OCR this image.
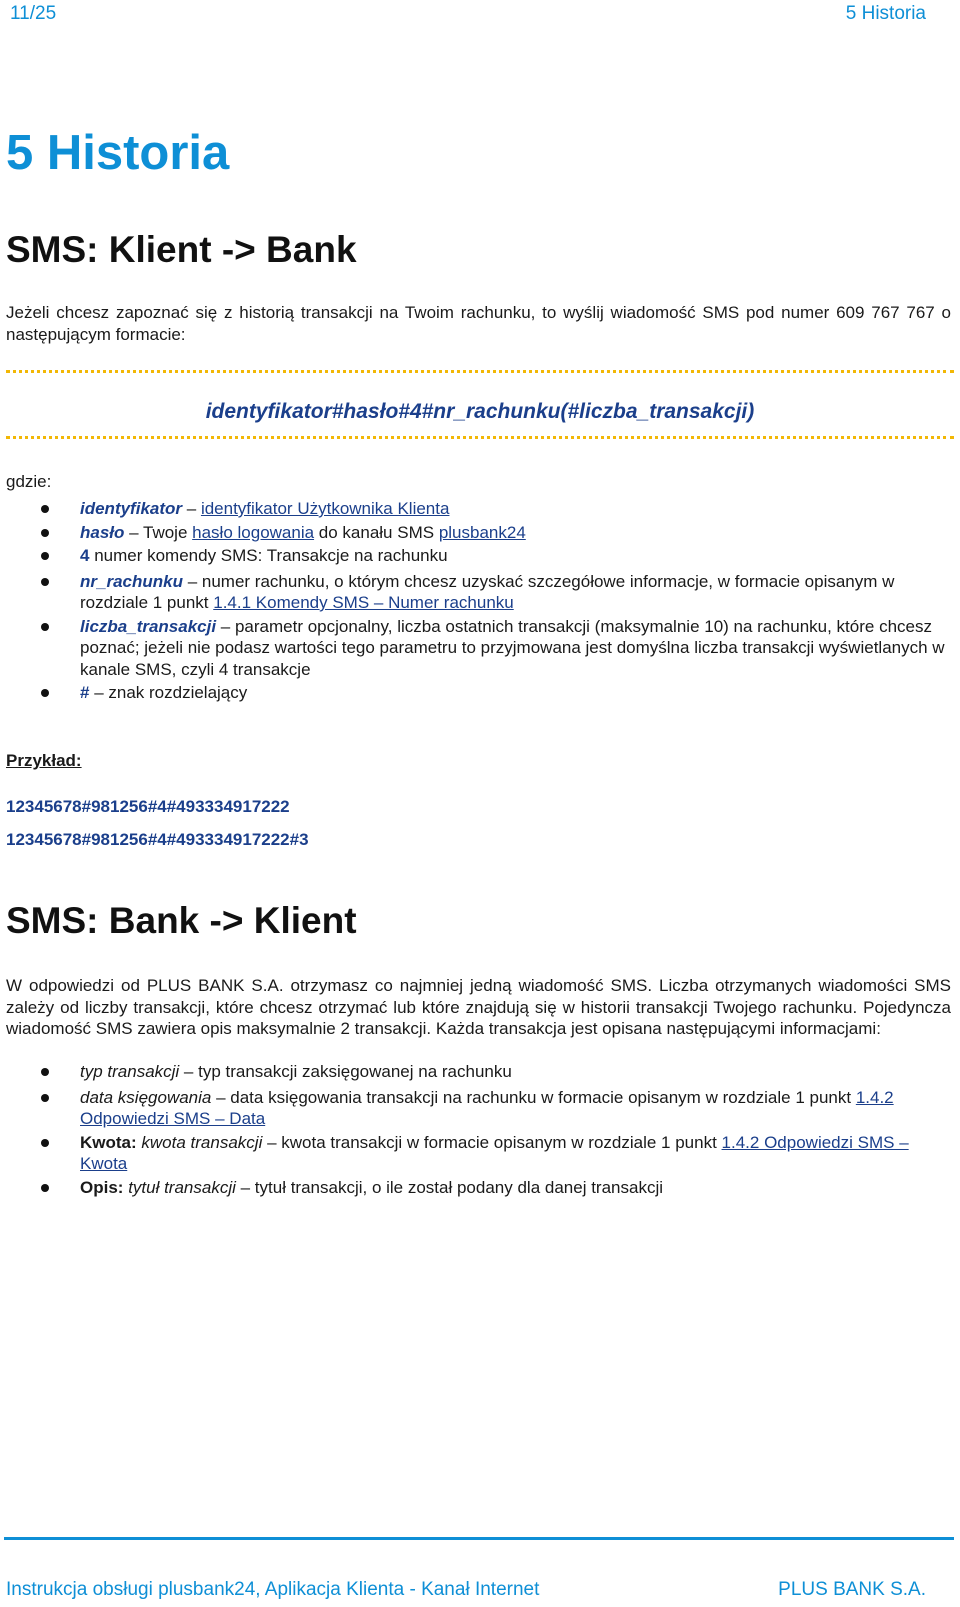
11/25	5 Historia
5 Historia
SMS: Klient -> Bank

Jeżeli chcesz zapoznać się z historią transakcji na Twoim rachunku, to wyślij wiadomość SMS pod numer 609 767 767 o następującym formacie:

identyfikator#hasło#4#nr_rachunku(#liczba_transakcji)
gdzie:
identyfikator – identyfikator Użytkownika Klienta
hasło – Twoje hasło logowania do kanału SMS plusbank24
4 numer komendy SMS: Transakcje na rachunku
nr_rachunku – numer rachunku, o którym chcesz uzyskać szczegółowe informacje, w formacie opisanym w rozdziale 1 punkt 1.4.1 Komendy SMS – Numer rachunku
liczba_transakcji – parametr opcjonalny, liczba ostatnich transakcji (maksymalnie 10) na rachunku, które chcesz poznać; jeżeli nie podasz wartości tego parametru to przyjmowana jest domyślna liczba transakcji wyświetlanych w kanale SMS, czyli 4 transakcje
# – znak rozdzielający
Przykład:
12345678#981256#4#493334917222
12345678#981256#4#493334917222#3
SMS: Bank -> Klient

W odpowiedzi od PLUS BANK S.A. otrzymasz co najmniej jedną wiadomość SMS. Liczba otrzymanych wiadomości SMS zależy od liczby transakcji, które chcesz otrzymać lub które znajdują się w historii transakcji Twojego rachunku. Pojedyncza wiadomość SMS zawiera opis maksymalnie 2 transakcji. Każda transakcja jest opisana następującymi informacjami:

typ transakcji – typ transakcji zaksięgowanej na rachunku
data księgowania – data księgowania transakcji na rachunku w formacie opisanym w rozdziale 1 punkt 1.4.2 Odpowiedzi SMS – Data
Kwota: kwota transakcji – kwota transakcji w formacie opisanym w rozdziale 1 punkt 1.4.2 Odpowiedzi SMS – Kwota
Opis: tytuł transakcji – tytuł transakcji, o ile został podany dla danej transakcji
Instrukcja obsługi plusbank24, Aplikacja Klienta - Kanał Internet	PLUS BANK S.A.
